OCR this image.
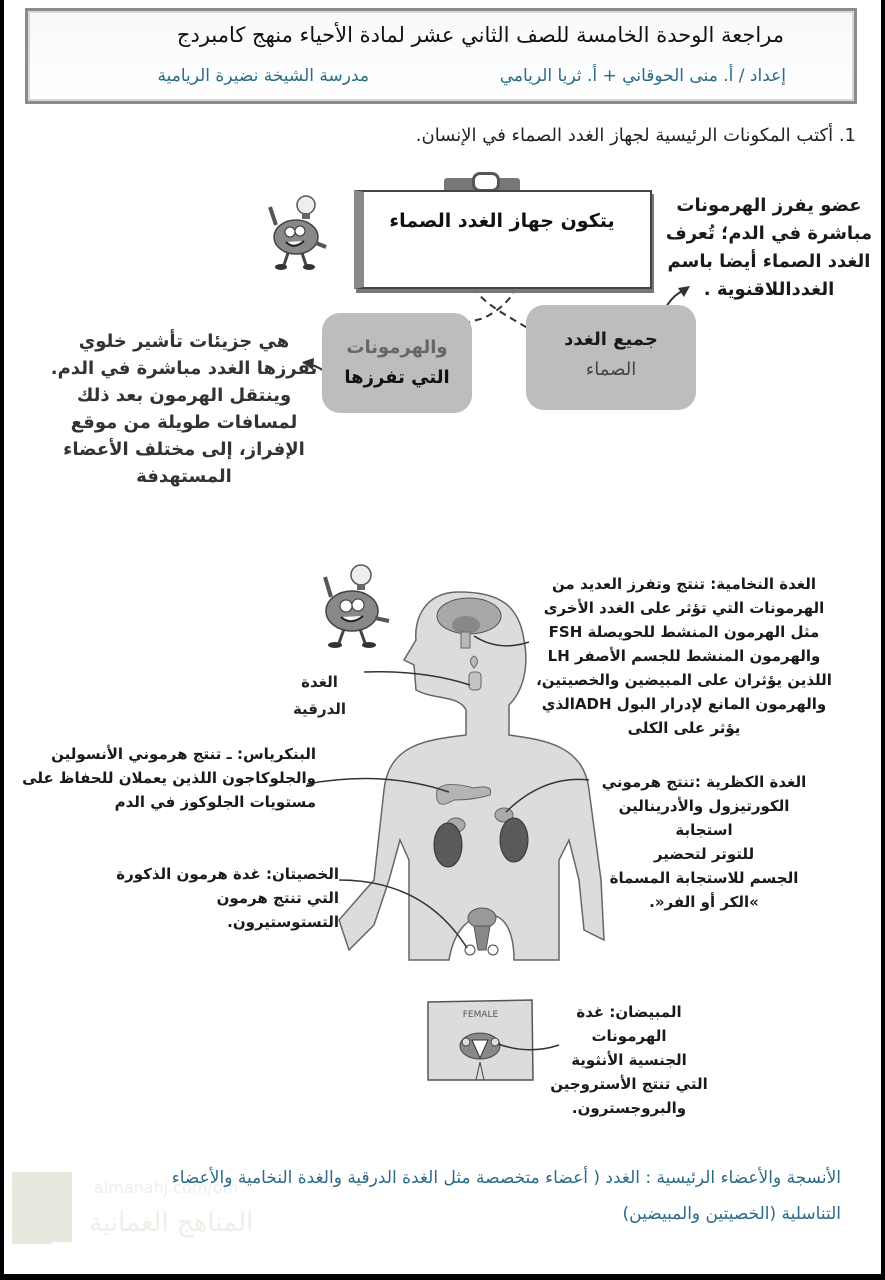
مراجعة الوحدة الخامسة للصف الثاني عشر لمادة الأحياء منهج كامبردج
إعداد / أ. منى الحوقاني + أ. ثريا الريامي
مدرسة الشيخة نضيرة الريامية
1. أكتب المكونات الرئيسية لجهاز الغدد الصماء في الإنسان.
يتكون جهاز الغدد الصماء
جميع الغدد
الصماء
والهرمونات
التي تفرزها
عضو يفرز الهرمونات
مباشرة في الدم؛ تُعرف
الغدد الصماء أيضا باسم
الغدداللاقنوية .
هي جزيئات تأشير خلوي
تفرزها الغدد مباشرة في الدم.
وينتقل الهرمون بعد ذلك
لمسافات طويلة من موقع
الإفراز، إلى مختلف الأعضاء
المستهدفة
الغدة النخامية: تنتج وتفرز العديد من
الهرمونات التي تؤثر على الغدد الأخرى
مثل الهرمون المنشط للحويصلة FSH
والهرمون المنشط للجسم الأصفر LH
اللذين يؤثران على المبيضين والخصيتين،
والهرمون المانع لإدرار البول ADHالذي
يؤثر على الكلى
الغدة الدرقية
البنكرياس: ـ تنتج هرموني الأنسولين
والجلوكاجون اللذين يعملان للحفاظ على
مستويات الجلوكوز في الدم
الغدة الكظرية :تنتج هرموني
الكورتيزول والأدرينالين استجابة
للتوتر لتحضير
الجسم للاستجابة المسماة
»الكر أو الفر«.
الخصيتان: غدة هرمون الذكورة
التي تنتج هرمون التستوستيرون.
FEMALE	المبيضان: غدة الهرمونات
الجنسية الأنثوية
التي تنتج الأستروجين
والبروجسترون.
almanahj.com/om
المناهج العمانية
الأنسجة والأعضاء الرئيسية : الغدد ( أعضاء متخصصة مثل الغدة الدرقية والغدة النخامية والأعضاء
التناسلية (الخصيتين والمبيضين)
